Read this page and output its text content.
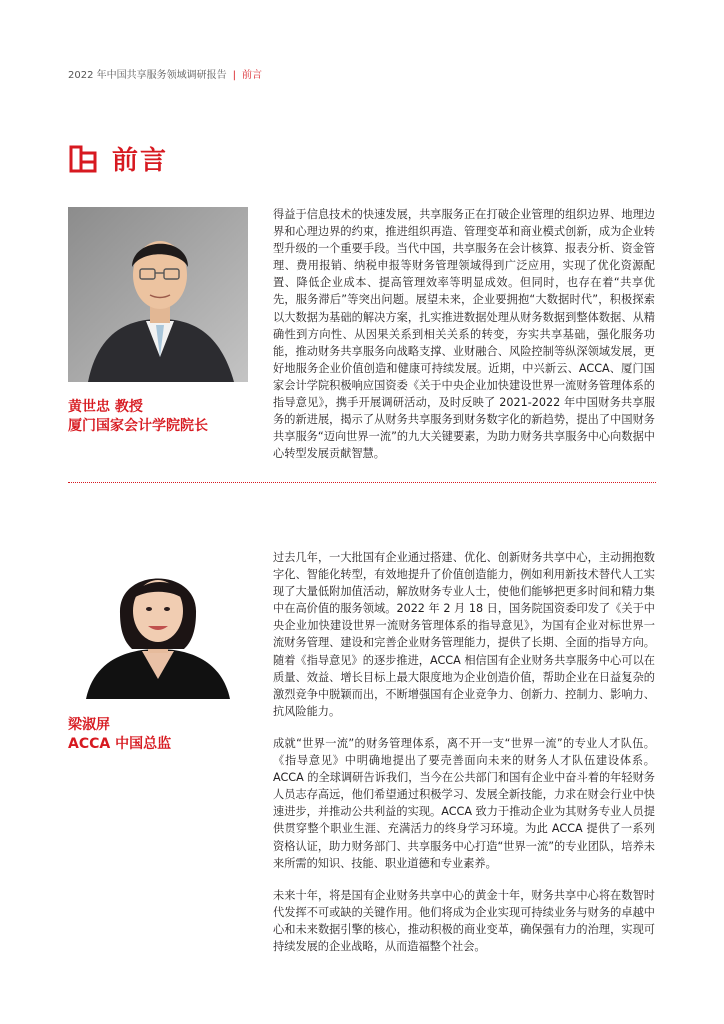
2022 年中国共享服务领域调研报告 | 前言
前言
黄世忠 教授
厦门国家会计学院院长

得益于信息技术的快速发展，共享服务正在打破企业管理的组织边界、地理边界和心理边界的约束，推进组织再造、管理变革和商业模式创新，成为企业转型升级的一个重要手段。当代中国，共享服务在会计核算、报表分析、资金管理、费用报销、纳税申报等财务管理领域得到广泛应用，实现了优化资源配置、降低企业成本、提高管理效率等明显成效。但同时，也存在着“共享优先，服务滞后”等突出问题。展望未来，企业要拥抱“大数据时代”，积极探索以大数据为基础的解决方案，扎实推进数据处理从财务数据到整体数据、从精确性到方向性、从因果关系到相关关系的转变，夯实共享基础，强化服务功能，推动财务共享服务向战略支撑、业财融合、风险控制等纵深领域发展，更好地服务企业价值创造和健康可持续发展。近期，中兴新云、ACCA、厦门国家会计学院积极响应国资委《关于中央企业加快建设世界一流财务管理体系的指导意见》，携手开展调研活动，及时反映了 2021-2022 年中国财务共享服务的新进展，揭示了从财务共享服务到财务数字化的新趋势，提出了中国财务共享服务“迈向世界一流”的九大关键要素，为助力财务共享服务中心向数据中心转型发展贡献智慧。

梁淑屏
ACCA 中国总监

过去几年，一大批国有企业通过搭建、优化、创新财务共享中心，主动拥抱数字化、智能化转型，有效地提升了价值创造能力，例如利用新技术替代人工实现了大量低附加值活动，解放财务专业人士，使他们能够把更多时间和精力集中在高价值的服务领域。2022 年 2 月 18 日，国务院国资委印发了《关于中央企业加快建设世界一流财务管理体系的指导意见》，为国有企业对标世界一流财务管理、建设和完善企业财务管理能力，提供了长期、全面的指导方向。随着《指导意见》的逐步推进，ACCA 相信国有企业财务共享服务中心可以在质量、效益、增长目标上最大限度地为企业创造价值，帮助企业在日益复杂的激烈竞争中脱颖而出，不断增强国有企业竞争力、创新力、控制力、影响力、抗风险能力。

成就“世界一流”的财务管理体系，离不开一支“世界一流”的专业人才队伍。《指导意见》中明确地提出了要売善面向未来的财务人才队伍建设体系。ACCA 的全球调研告诉我们，当今在公共部门和国有企业中奋斗着的年轻财务人员志存高远，他们希望通过积极学习、发展全新技能，力求在财会行业中快速进步，并推动公共利益的实现。ACCA 致力于推动企业为其财务专业人员提供贯穿整个职业生涯、充满活力的终身学习环境。为此 ACCA 提供了一系列资格认证，助力财务部门、共享服务中心打造“世界一流”的专业团队，培养未来所需的知识、技能、职业道德和专业素养。

未来十年，将是国有企业财务共享中心的黄金十年，财务共享中心将在数智时代发挥不可或缺的关键作用。他们将成为企业实现可持续业务与财务的卓越中心和未来数据引擎的核心，推动积极的商业变革，确保强有力的治理，实现可持续发展的企业战略，从而造福整个社会。
